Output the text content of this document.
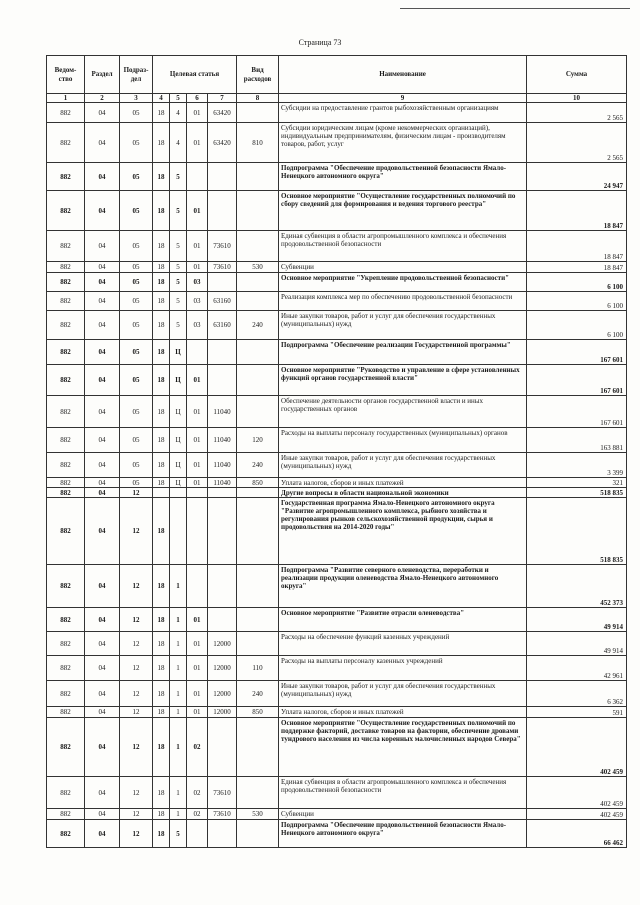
Страница 73
Ведом-ство	Раздел	Подраз-дел	Целевая статья				Вид расходов	Наименование	Сумма
1	2	3	4	5	6	7	8	9	10
882	04	05	18	4	01	63420		Субсидии на предоставление грантов рыбохозяйственным организациям	2 565
882	04	05	18	4	01	63420	810	Субсидии юридическим лицам (кроме некоммерческих организаций), индивидуальным предпринимателям, физическим лицам - производителям товаров, работ, услуг	2 565
882	04	05	18	5				Подпрограмма "Обеспечение продовольственной безопасности Ямало-Ненецкого автономного округа"	24 947
882	04	05	18	5	01			Основное мероприятие "Осуществление государственных полномочий по сбору сведений для формирования и ведения торгового реестра"	18 847
882	04	05	18	5	01	73610		Единая субвенция в области агропромышленного комплекса и обеспечения продовольственной безопасности	18 847
882	04	05	18	5	01	73610	530	Субвенции	18 847
882	04	05	18	5	03			Основное мероприятие "Укрепление продовольственной безопасности"	6 100
882	04	05	18	5	03	63160		Реализация комплекса мер по обеспечению продовольственной безопасности	6 100
882	04	05	18	5	03	63160	240	Иные закупки товаров, работ и услуг для обеспечения государственных (муниципальных) нужд	6 100
882	04	05	18	Ц				Подпрограмма "Обеспечение реализации Государственной программы"	167 601
882	04	05	18	Ц	01			Основное мероприятие "Руководство и управление в сфере установленных функций органов государственной власти"	167 601
882	04	05	18	Ц	01	11040		Обеспечение деятельности органов государственной власти и иных государственных органов	167 601
882	04	05	18	Ц	01	11040	120	Расходы на выплаты персоналу государственных (муниципальных) органов	163 881
882	04	05	18	Ц	01	11040	240	Иные закупки товаров, работ и услуг для обеспечения государственных (муниципальных) нужд	3 399
882	04	05	18	Ц	01	11040	850	Уплата налогов, сборов и иных платежей	321
882	04	12						Другие вопросы в области национальной экономики	518 835
882	04	12	18					Государственная программа Ямало-Ненецкого автономного округа "Развитие агропромышленного комплекса, рыбного хозяйства и регулирования рынков сельскохозяйственной продукции, сырья и продовольствия на 2014-2020 годы"	518 835
882	04	12	18	1				Подпрограмма "Развитие северного оленеводства, переработки и реализации продукции оленеводства Ямало-Ненецкого автономного округа"	452 373
882	04	12	18	1	01			Основное мероприятие "Развитие отрасли оленеводства"	49 914
882	04	12	18	1	01	12000		Расходы на обеспечение функций казенных учреждений	49 914
882	04	12	18	1	01	12000	110	Расходы на выплаты персоналу казенных учреждений	42 961
882	04	12	18	1	01	12000	240	Иные закупки товаров, работ и услуг для обеспечения государственных (муниципальных) нужд	6 362
882	04	12	18	1	01	12000	850	Уплата налогов, сборов и иных платежей	591
882	04	12	18	1	02			Основное мероприятие "Осуществление государственных полномочий по поддержке факторий, доставке товаров на фактории, обеспечение дровами тундрового населения из числа коренных малочисленных народов Севера"	402 459
882	04	12	18	1	02	73610		Единая субвенция в области агропромышленного комплекса и обеспечения продовольственной безопасности	402 459
882	04	12	18	1	02	73610	530	Субвенции	402 459
882	04	12	18	5				Подпрограмма "Обеспечение продовольственной безопасности Ямало-Ненецкого автономного округа"	66 462
